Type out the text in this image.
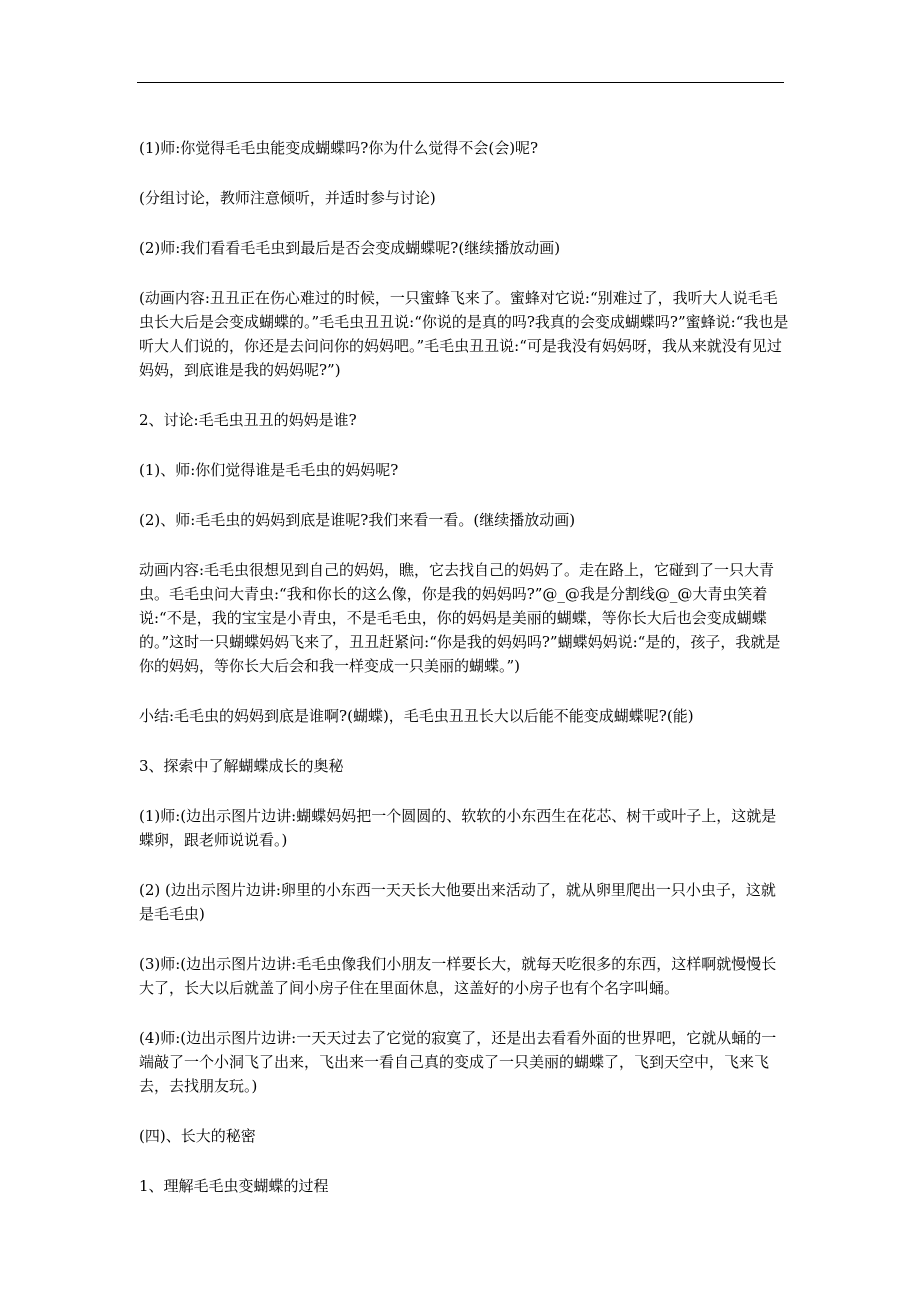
(1)师:你觉得毛毛虫能变成蝴蝶吗?你为什么觉得不会(会)呢?

(分组讨论，教师注意倾听，并适时参与讨论)

(2)师:我们看看毛毛虫到最后是否会变成蝴蝶呢?(继续播放动画)

(动画内容:丑丑正在伤心难过的时候，一只蜜蜂飞来了。蜜蜂对它说:“别难过了，我听大人说毛毛虫长大后是会变成蝴蝶的。”毛毛虫丑丑说:“你说的是真的吗?我真的会变成蝴蝶吗?”蜜蜂说:“我也是听大人们说的，你还是去问问你的妈妈吧。”毛毛虫丑丑说:“可是我没有妈妈呀，我从来就没有见过妈妈，到底谁是我的妈妈呢?”)

2、讨论:毛毛虫丑丑的妈妈是谁?

(1)、师:你们觉得谁是毛毛虫的妈妈呢?

(2)、师:毛毛虫的妈妈到底是谁呢?我们来看一看。(继续播放动画)

动画内容:毛毛虫很想见到自己的妈妈，瞧，它去找自己的妈妈了。走在路上，它碰到了一只大青虫。毛毛虫问大青虫:“我和你长的这么像，你是我的妈妈吗?”@_@我是分割线@_@大青虫笑着说:“不是，我的宝宝是小青虫，不是毛毛虫，你的妈妈是美丽的蝴蝶，等你长大后也会变成蝴蝶的。”这时一只蝴蝶妈妈飞来了，丑丑赶紧问:“你是我的妈妈吗?”蝴蝶妈妈说:“是的，孩子，我就是你的妈妈，等你长大后会和我一样变成一只美丽的蝴蝶。”)

小结:毛毛虫的妈妈到底是谁啊?(蝴蝶)，毛毛虫丑丑长大以后能不能变成蝴蝶呢?(能)

3、探索中了解蝴蝶成长的奥秘

(1)师:(边出示图片边讲:蝴蝶妈妈把一个圆圆的、软软的小东西生在花芯、树干或叶子上，这就是蝶卵，跟老师说说看。)

(2) (边出示图片边讲:卵里的小东西一天天长大他要出来活动了，就从卵里爬出一只小虫子，这就是毛毛虫)

(3)师:(边出示图片边讲:毛毛虫像我们小朋友一样要长大，就每天吃很多的东西，这样啊就慢慢长大了，长大以后就盖了间小房子住在里面休息，这盖好的小房子也有个名字叫蛹。

(4)师:(边出示图片边讲:一天天过去了它觉的寂寞了，还是出去看看外面的世界吧，它就从蛹的一端敲了一个小洞飞了出来，飞出来一看自己真的变成了一只美丽的蝴蝶了，飞到天空中，飞来飞去，去找朋友玩。)

(四)、长大的秘密

1、理解毛毛虫变蝴蝶的过程
